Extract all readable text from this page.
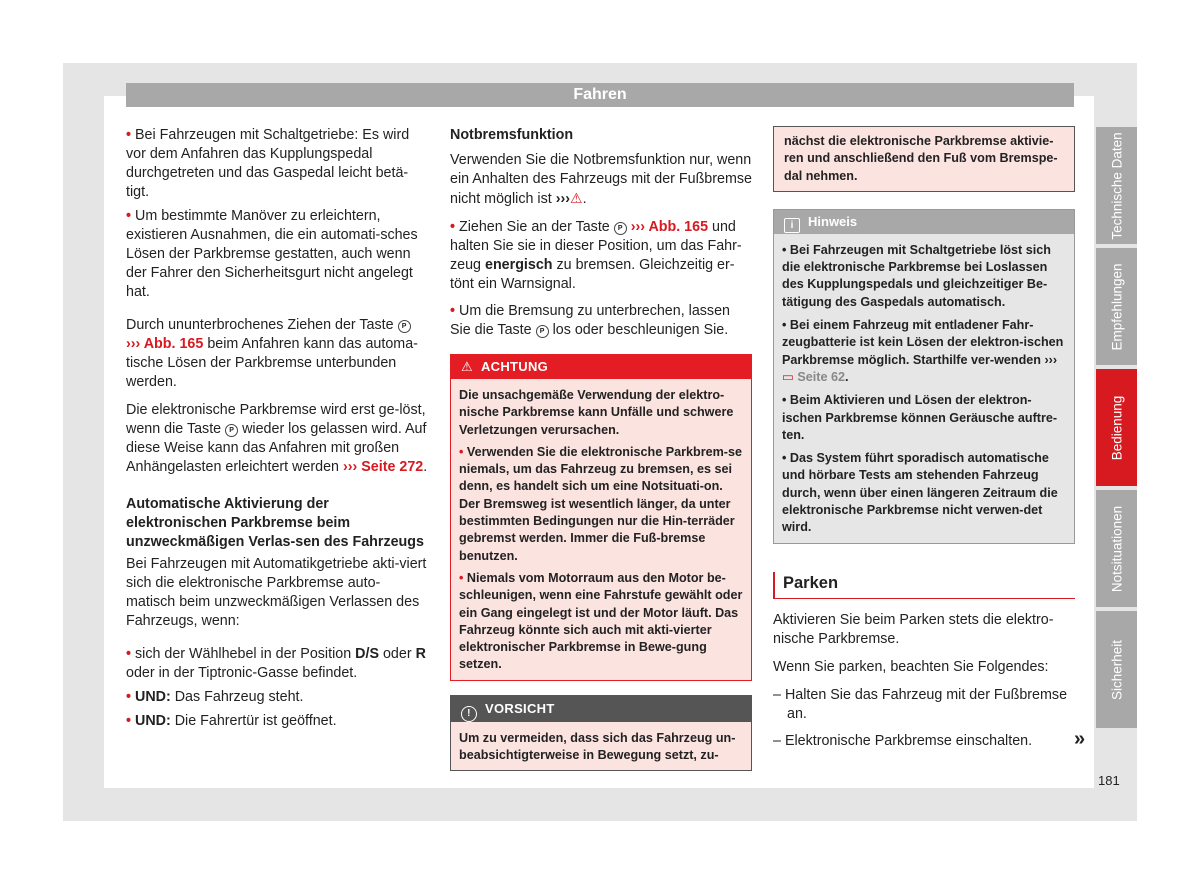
Fahren

• Bei Fahrzeugen mit Schaltgetriebe: Es wird vor dem Anfahren das Kupplungspedal durchgetreten und das Gaspedal leicht betä-tigt.

• Um bestimmte Manöver zu erleichtern, existieren Ausnahmen, die ein automati-sches Lösen der Parkbremse gestatten, auch wenn der Fahrer den Sicherheitsgurt nicht angelegt hat.

Durch ununterbrochenes Ziehen der Taste P ››› Abb. 165 beim Anfahren kann das automa-tische Lösen der Parkbremse unterbunden werden.

Die elektronische Parkbremse wird erst ge-löst, wenn die Taste P wieder los gelassen wird. Auf diese Weise kann das Anfahren mit großen Anhängelasten erleichtert werden ››› Seite 272.

Automatische Aktivierung der elektronischen Parkbremse beim unzweckmäßigen Verlas-sen des Fahrzeugs

Bei Fahrzeugen mit Automatikgetriebe akti-viert sich die elektronische Parkbremse auto-matisch beim unzweckmäßigen Verlassen des Fahrzeugs, wenn:

• sich der Wählhebel in der Position D/S oder R oder in der Tiptronic-Gasse befindet.

• UND: Das Fahrzeug steht.

• UND: Die Fahrertür ist geöffnet.

Notbremsfunktion

Verwenden Sie die Notbremsfunktion nur, wenn ein Anhalten des Fahrzeugs mit der Fußbremse nicht möglich ist ›››⚠.

• Ziehen Sie an der Taste P ››› Abb. 165 und halten Sie sie in dieser Position, um das Fahr-zeug energisch zu bremsen. Gleichzeitig er-tönt ein Warnsignal.

• Um die Bremsung zu unterbrechen, lassen Sie die Taste P los oder beschleunigen Sie.

⚠ ACHTUNG

Die unsachgemäße Verwendung der elektro-nische Parkbremse kann Unfälle und schwere Verletzungen verursachen.

• Verwenden Sie die elektronische Parkbrem-se niemals, um das Fahrzeug zu bremsen, es sei denn, es handelt sich um eine Notsituati-on. Der Bremsweg ist wesentlich länger, da unter bestimmten Bedingungen nur die Hin-terräder gebremst werden. Immer die Fuß-bremse benutzen.

• Niemals vom Motorraum aus den Motor be-schleunigen, wenn eine Fahrstufe gewählt oder ein Gang eingelegt ist und der Motor läuft. Das Fahrzeug könnte sich auch mit akti-vierter elektronischer Parkbremse in Bewe-gung setzen.

! VORSICHT

Um zu vermeiden, dass sich das Fahrzeug un-beabsichtigterweise in Bewegung setzt, zu-

nächst die elektronische Parkbremse aktivie-ren und anschließend den Fuß vom Bremspe-dal nehmen.

i Hinweis

• Bei Fahrzeugen mit Schaltgetriebe löst sich die elektronische Parkbremse bei Loslassen des Kupplungspedals und gleichzeitiger Be-tätigung des Gaspedals automatisch.

• Bei einem Fahrzeug mit entladener Fahr-zeugbatterie ist kein Lösen der elektron-ischen Parkbremse möglich. Starthilfe ver-wenden ››› ▭ Seite 62.

• Beim Aktivieren und Lösen der elektron-ischen Parkbremse können Geräusche auftre-ten.

• Das System führt sporadisch automatische und hörbare Tests am stehenden Fahrzeug durch, wenn über einen längeren Zeitraum die elektronische Parkbremse nicht verwen-det wird.

Parken

Aktivieren Sie beim Parken stets die elektro-nische Parkbremse.

Wenn Sie parken, beachten Sie Folgendes:

– Halten Sie das Fahrzeug mit der Fußbremse an.

– Elektronische Parkbremse einschalten.	»
Technische Daten
Empfehlungen
Bedienung
Notsituationen
Sicherheit
181
